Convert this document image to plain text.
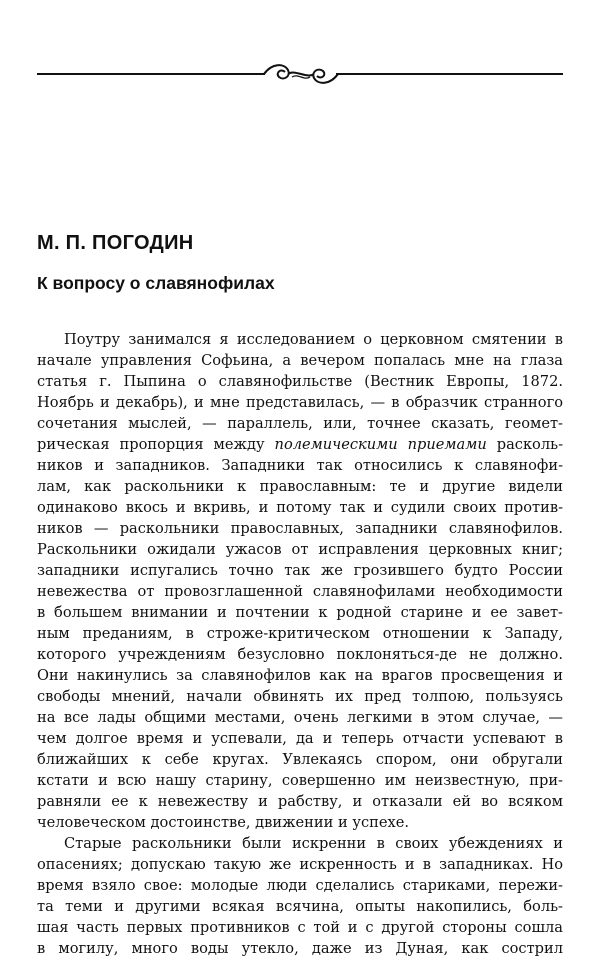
М. П. ПОГОДИН
К вопросу о славянофилах
Поутру занимался я исследованием о церковном смятении в
начале управления Софьина, а вечером попалась мне на глаза
статья г. Пыпина о славянофильстве (Вестник Европы, 1872.
Ноябрь и декабрь), и мне представилась, — в образчик странного
сочетания мыслей, — параллель, или, точнее сказать, геомет-
рическая пропорция между полемическими приемами расколь-
ников и западников. Западники так относились к славянофи-
лам, как раскольники к православным: те и другие видели
одинаково вкось и вкривь, и потому так и судили своих против-
ников — раскольники православных, западники славянофилов.
Раскольники ожидали ужасов от исправления церковных книг;
западники испугались точно так же грозившего будто России
невежества от провозглашенной славянофилами необходимости
в большем внимании и почтении к родной старине и ее завет-
ным преданиям, в строже-критическом отношении к Западу,
которого учреждениям безусловно поклоняться-де не должно.
Они накинулись за славянофилов как на врагов просвещения и
свободы мнений, начали обвинять их пред толпою, пользуясь
на все лады общими местами, очень легкими в этом случае, —
чем долгое время и успевали, да и теперь отчасти успевают в
ближайших к себе кругах. Увлекаясь спором, они обругали
кстати и всю нашу старину, совершенно им неизвестную, при-
равняли ее к невежеству и рабству, и отказали ей во всяком
человеческом достоинстве, движении и успехе.
Старые раскольники были искренни в своих убеждениях и
опасениях; допускаю такую же искренность и в западниках. Но
время взяло свое: молодые люди сделались стариками, пережи-
та теми и другими всякая всячина, опыты накопились, боль-
шая часть первых противников с той и с другой стороны сошла
в могилу, много воды утекло, даже из Дуная, как сострил
